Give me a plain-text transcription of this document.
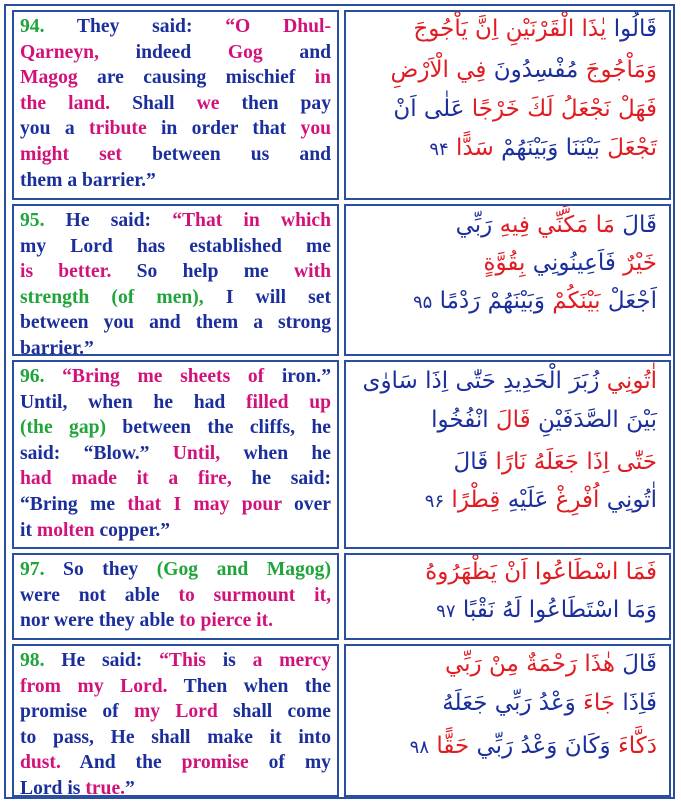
94. They said: “O Dhul-
Qarneyn, indeed Gog and
Magog are causing mischief in
the land. Shall we then pay
you a tribute in order that you
might set between us and
them a barrier.”
قَالُوا يٰذَا الْقَرْنَيْنِ اِنَّ يَاْجُوجَ
وَمَاْجُوجَ مُفْسِدُونَ فِي الْاَرْضِ
فَهَلْ نَجْعَلُ لَكَ خَرْجًا عَلٰى اَنْ
تَجْعَلَ بَيْنَنَا وَبَيْنَهُمْ سَدًّا ۹۴
95. He said: “That in which
my Lord has established me
is better. So help me with
strength (of men), I will set
between you and them a strong
barrier.”
قَالَ مَا مَكَّنِّي فِيهِ رَبِّي
خَيْرٌ فَاَعِينُونِي بِقُوَّةٍ
اَجْعَلْ بَيْنَكُمْ وَبَيْنَهُمْ رَدْمًا ۹۵
96. “Bring me sheets of iron.”
Until, when he had filled up
(the gap) between the cliffs, he
said: “Blow.” Until, when he
had made it a fire, he said:
“Bring me that I may pour over
it molten copper.”
اٰتُونِي زُبَرَ الْحَدِيدِ حَتّٰى اِذَا سَاوٰى
بَيْنَ الصَّدَفَيْنِ قَالَ انْفُخُوا
حَتّٰى اِذَا جَعَلَهُ نَارًا قَالَ
اٰتُونِي اُفْرِغْ عَلَيْهِ قِطْرًا ۹۶
97. So they (Gog and Magog)
were not able to surmount it,
nor were they able to pierce it.
فَمَا اسْطَاعُوا اَنْ يَظْهَرُوهُ
وَمَا اسْتَطَاعُوا لَهُ نَقْبًا ۹۷
98. He said: “This is a mercy
from my Lord. Then when the
promise of my Lord shall come
to pass, He shall make it into
dust. And the promise of my
Lord is true.”
قَالَ هٰذَا رَحْمَةٌ مِنْ رَبِّي
فَاِذَا جَاءَ وَعْدُ رَبِّي جَعَلَهُ
دَكَّاءَ وَكَانَ وَعْدُ رَبِّي حَقًّا ۹۸
